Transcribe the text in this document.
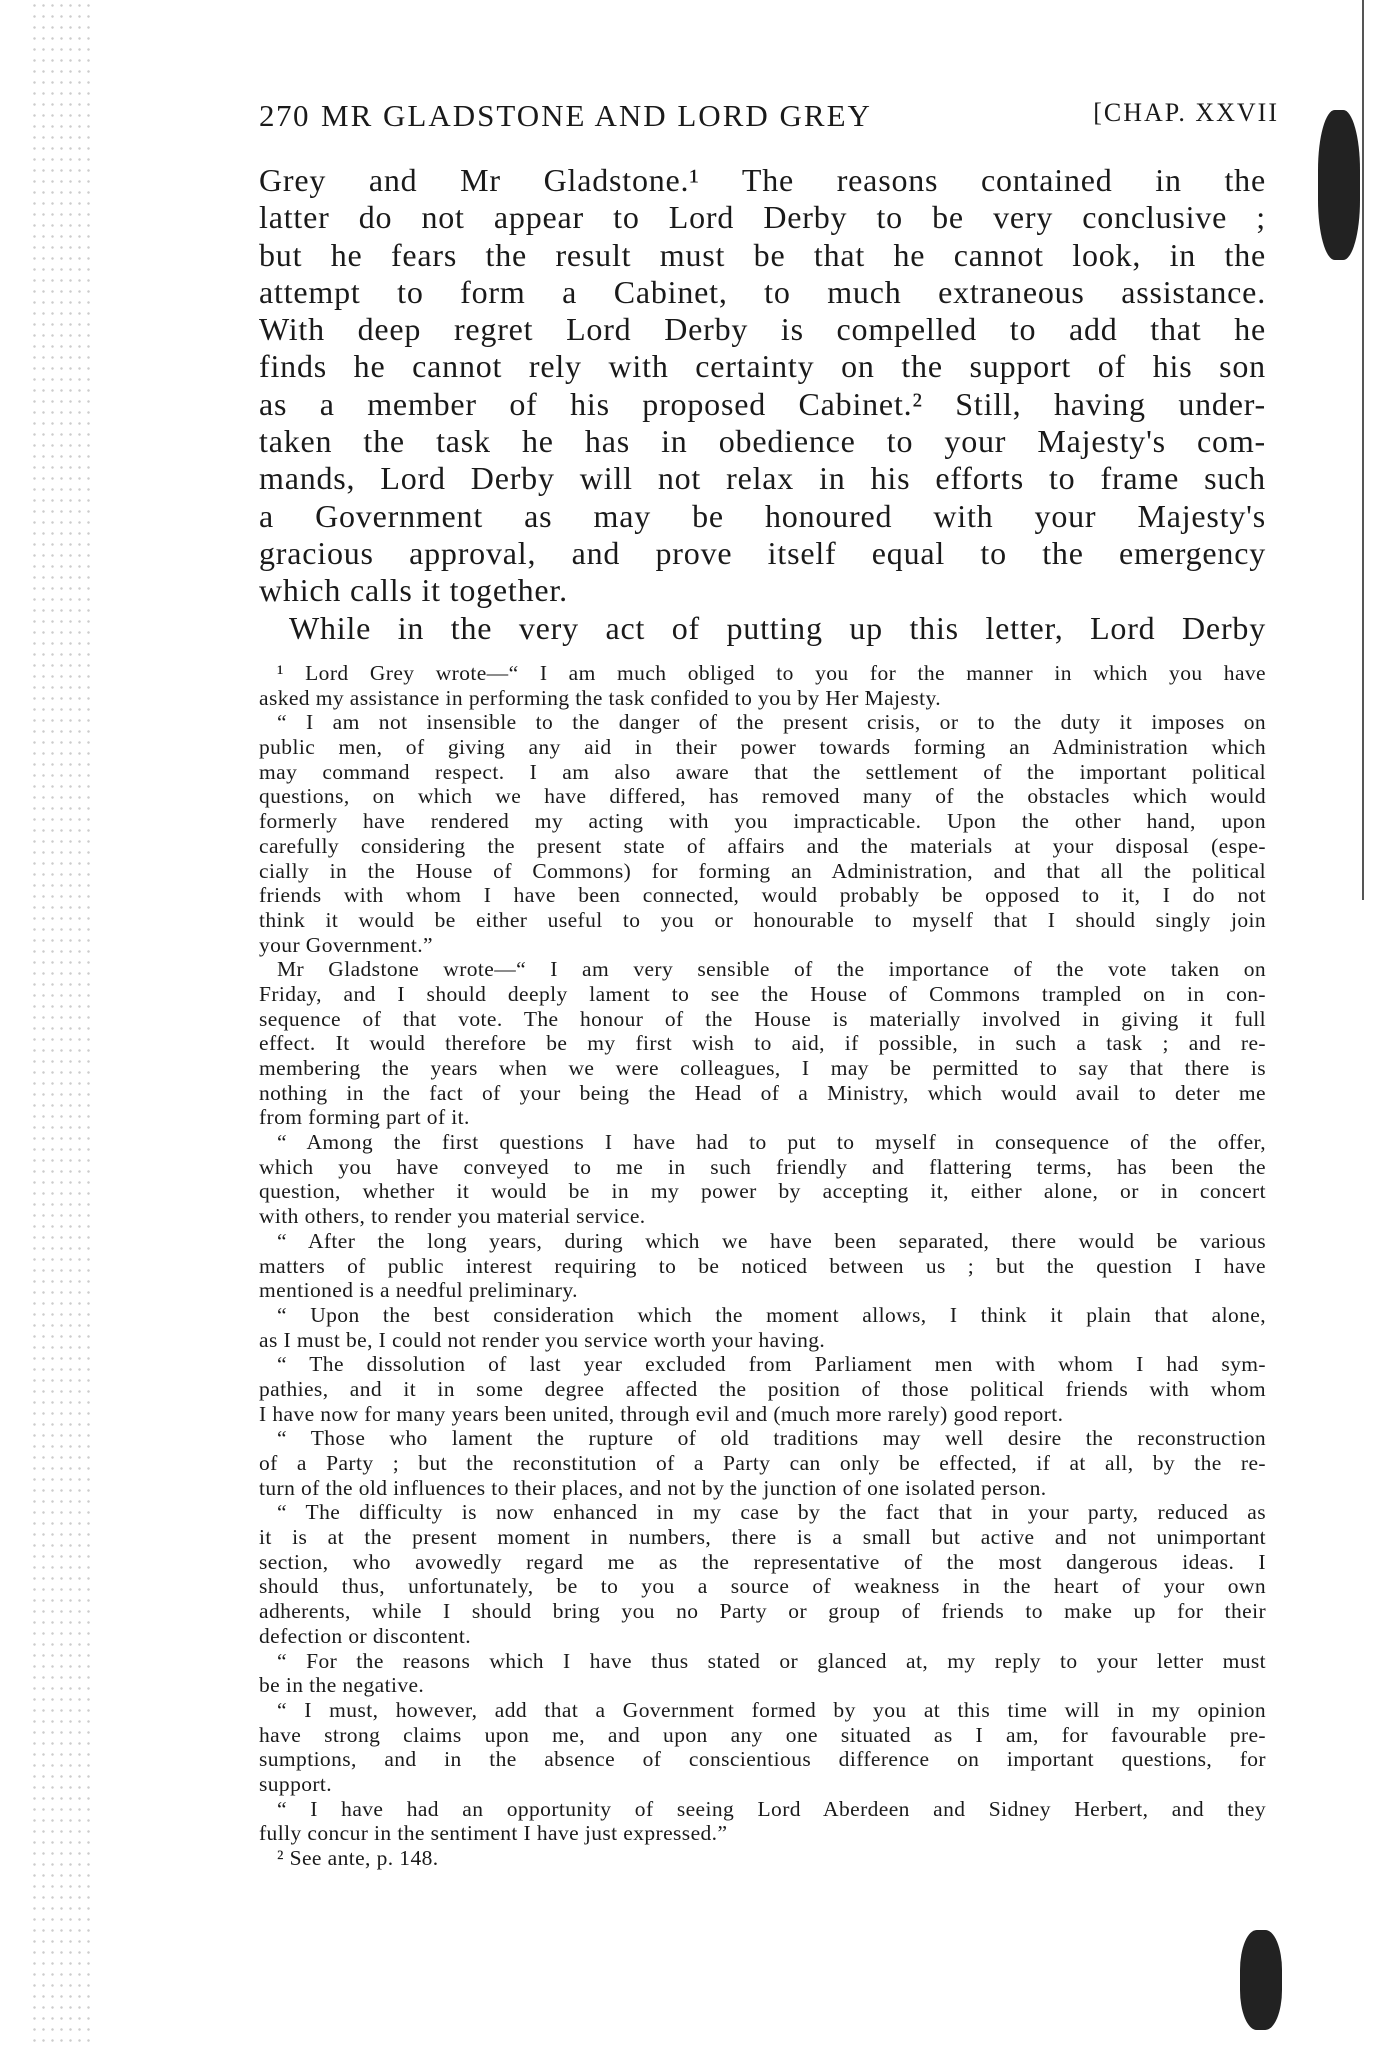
270 MR GLADSTONE AND LORD GREY	[CHAP. XXVII
Grey and Mr Gladstone.¹ The reasons contained in the
latter do not appear to Lord Derby to be very conclusive ;
but he fears the result must be that he cannot look, in the
attempt to form a Cabinet, to much extraneous assistance.
With deep regret Lord Derby is compelled to add that he
finds he cannot rely with certainty on the support of his son
as a member of his proposed Cabinet.² Still, having under-
taken the task he has in obedience to your Majesty's com-
mands, Lord Derby will not relax in his efforts to frame such
a Government as may be honoured with your Majesty's
gracious approval, and prove itself equal to the emergency
which calls it together.
While in the very act of putting up this letter, Lord Derby
¹ Lord Grey wrote—“ I am much obliged to you for the manner in which you have
asked my assistance in performing the task confided to you by Her Majesty.
“ I am not insensible to the danger of the present crisis, or to the duty it imposes on
public men, of giving any aid in their power towards forming an Administration which
may command respect. I am also aware that the settlement of the important political
questions, on which we have differed, has removed many of the obstacles which would
formerly have rendered my acting with you impracticable. Upon the other hand, upon
carefully considering the present state of affairs and the materials at your disposal (espe-
cially in the House of Commons) for forming an Administration, and that all the political
friends with whom I have been connected, would probably be opposed to it, I do not
think it would be either useful to you or honourable to myself that I should singly join
your Government.”
Mr Gladstone wrote—“ I am very sensible of the importance of the vote taken on
Friday, and I should deeply lament to see the House of Commons trampled on in con-
sequence of that vote. The honour of the House is materially involved in giving it full
effect. It would therefore be my first wish to aid, if possible, in such a task ; and re-
membering the years when we were colleagues, I may be permitted to say that there is
nothing in the fact of your being the Head of a Ministry, which would avail to deter me
from forming part of it.
“ Among the first questions I have had to put to myself in consequence of the offer,
which you have conveyed to me in such friendly and flattering terms, has been the
question, whether it would be in my power by accepting it, either alone, or in concert
with others, to render you material service.
“ After the long years, during which we have been separated, there would be various
matters of public interest requiring to be noticed between us ; but the question I have
mentioned is a needful preliminary.
“ Upon the best consideration which the moment allows, I think it plain that alone,
as I must be, I could not render you service worth your having.
“ The dissolution of last year excluded from Parliament men with whom I had sym-
pathies, and it in some degree affected the position of those political friends with whom
I have now for many years been united, through evil and (much more rarely) good report.
“ Those who lament the rupture of old traditions may well desire the reconstruction
of a Party ; but the reconstitution of a Party can only be effected, if at all, by the re-
turn of the old influences to their places, and not by the junction of one isolated person.
“ The difficulty is now enhanced in my case by the fact that in your party, reduced as
it is at the present moment in numbers, there is a small but active and not unimportant
section, who avowedly regard me as the representative of the most dangerous ideas. I
should thus, unfortunately, be to you a source of weakness in the heart of your own
adherents, while I should bring you no Party or group of friends to make up for their
defection or discontent.
“ For the reasons which I have thus stated or glanced at, my reply to your letter must
be in the negative.
“ I must, however, add that a Government formed by you at this time will in my opinion
have strong claims upon me, and upon any one situated as I am, for favourable pre-
sumptions, and in the absence of conscientious difference on important questions, for
support.
“ I have had an opportunity of seeing Lord Aberdeen and Sidney Herbert, and they
fully concur in the sentiment I have just expressed.”
² See ante, p. 148.
